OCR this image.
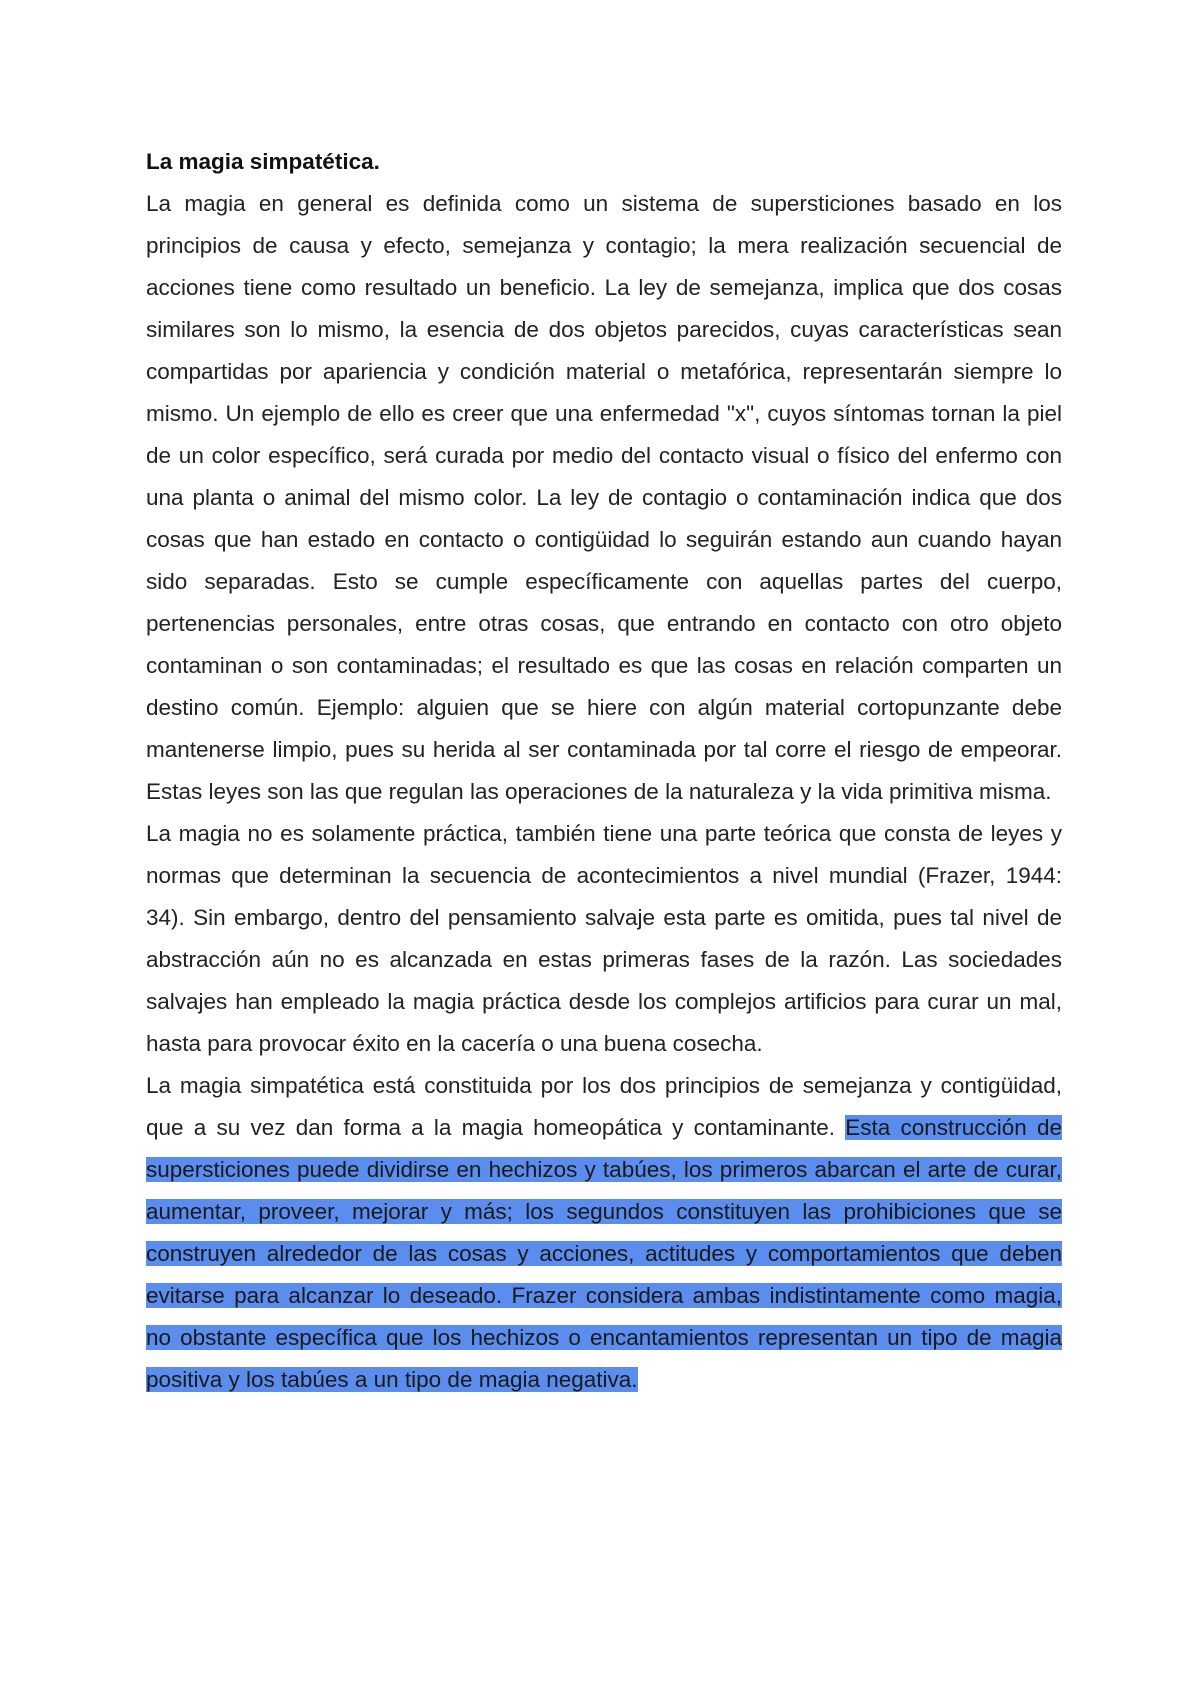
La magia simpatética.

La magia en general es definida como un sistema de supersticiones basado en los principios de causa y efecto, semejanza y contagio; la mera realización secuencial de acciones tiene como resultado un beneficio. La ley de semejanza, implica que dos cosas similares son lo mismo, la esencia de dos objetos parecidos, cuyas características sean compartidas por apariencia y condición material o metafórica, representarán siempre lo mismo. Un ejemplo de ello es creer que una enfermedad "x", cuyos síntomas tornan la piel de un color específico, será curada por medio del contacto visual o físico del enfermo con una planta o animal del mismo color. La ley de contagio o contaminación indica que dos cosas que han estado en contacto o contigüidad lo seguirán estando aun cuando hayan sido separadas. Esto se cumple específicamente con aquellas partes del cuerpo, pertenencias personales, entre otras cosas, que entrando en contacto con otro objeto contaminan o son contaminadas; el resultado es que las cosas en relación comparten un destino común. Ejemplo: alguien que se hiere con algún material cortopunzante debe mantenerse limpio, pues su herida al ser contaminada por tal corre el riesgo de empeorar. Estas leyes son las que regulan las operaciones de la naturaleza y la vida primitiva misma.

La magia no es solamente práctica, también tiene una parte teórica que consta de leyes y normas que determinan la secuencia de acontecimientos a nivel mundial (Frazer, 1944: 34). Sin embargo, dentro del pensamiento salvaje esta parte es omitida, pues tal nivel de abstracción aún no es alcanzada en estas primeras fases de la razón. Las sociedades salvajes han empleado la magia práctica desde los complejos artificios para curar un mal, hasta para provocar éxito en la cacería o una buena cosecha.

La magia simpatética está constituida por los dos principios de semejanza y contigüidad, que a su vez dan forma a la magia homeopática y contaminante. Esta construcción de supersticiones puede dividirse en hechizos y tabúes, los primeros abarcan el arte de curar, aumentar, proveer, mejorar y más; los segundos constituyen las prohibiciones que se construyen alrededor de las cosas y acciones, actitudes y comportamientos que deben evitarse para alcanzar lo deseado. Frazer considera ambas indistintamente como magia, no obstante específica que los hechizos o encantamientos representan un tipo de magia positiva y los tabúes a un tipo de magia negativa.
